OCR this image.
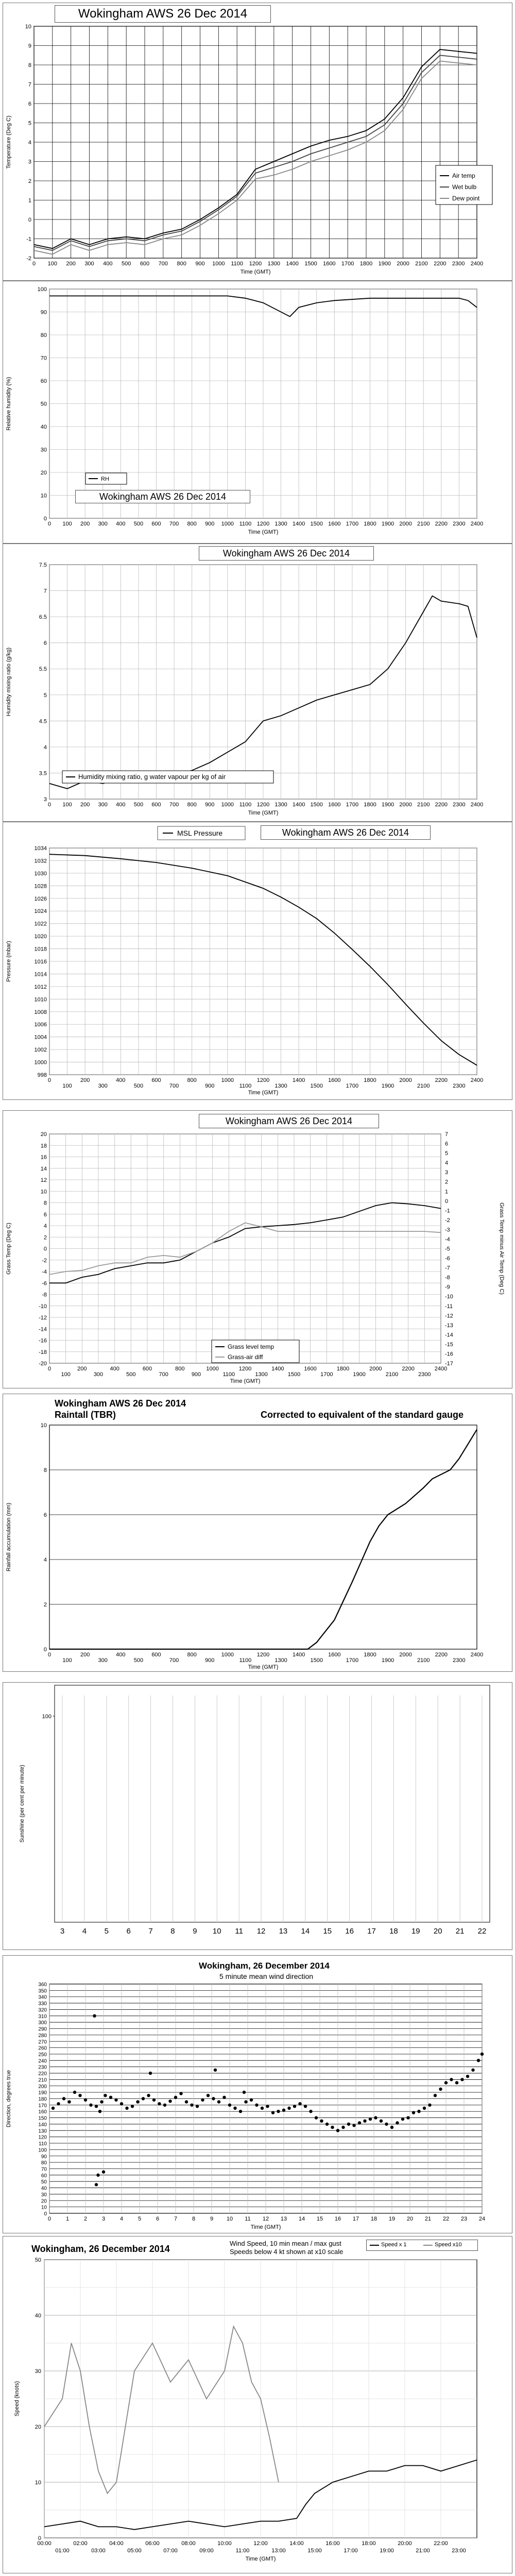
Wokingham AWS 26 Dec 2014
-2
-1
0
1
2
3
4
5
6
7
8
9
10
0 100 200 300 400 500 600 700 800 900 1000 1100 1200 1300 1400 1500 1600 1700 1800 1900 2000 2100 2200 2300 2400
Time (GMT)
Temperature (Deg C)
Air temp
Wet bulb
Dew point
0
10
20
30
40
50
60
70
80
90
100
0 100 200 300 400 500 600 700 800 900 1000 1100 1200 1300 1400 1500 1600 1700 1800 1900 2000 2100 2200 2300 2400
Time (GMT)
Relative humidity (%)
RH
Wokingham AWS 26 Dec 2014
Wokingham AWS 26 Dec 2014
3
3.5
4
4.5
5
5.5
6
6.5
7
7.5
0 100 200 300 400 500 600 700 800 900 1000 1100 1200 1300 1400 1500 1600 1700 1800 1900 2000 2100 2200 2300 2400
Time (GMT)
Humidity mixing ratio (g/kg)
Humidity mixing ratio, g water vapour per kg of air
Wokingham AWS 26 Dec 2014
998
1000
1002
1004
1006
1008
1010
1012
1014
1016
1018
1020
1022
1024
1026
1028
1030
1032
1034
0
100
200
300
400
500
600
700
800
900
1000
1100
1200
1300
1400
1500
1600
1700
1800
1900
2000
2100
2200
2300
2400
Time (GMT)
Pressure (mbar)
MSL Pressure
Wokingham AWS 26 Dec 2014
-20
-18
-16
-14
-12
-10
-8
-6
-4
-2
0
2
4
6
8
10
12
14
16
18
20
0
100
200
300
400
500
600
700
800
900
1000
1100
1200
1300
1400
1500
1600
1700
1800
1900
2000
2100
2200
2300
2400
Time (GMT)
Grass Temp (Deg C)
-17
-16
-15
-14
-13
-12
-11
-10
-9
-8
-7
-6
-5
-4
-3
-2
-1
0
1
2
3
4
5
6
7
Grass Temp minus Air Temp (Deg C)
Grass level temp
Grass-air diff
Wokingham AWS 26 Dec 2014
Raintall (TBR)	Corrected to equivalent of the standard gauge
0
2
4
6
8
10
0
100
200
300
400
500
600
700
800
900
1000
1100
1200
1300
1400
1500
1600
1700
1800
1900
2000
2100
2200
2300
2400
Time (GMT)
Rainfall accumulation (mm)
100
3 4 5 6 7 8 9 10 11 12 13 14 15 16 17 18 19 20 21 22
Sunshine (per cent per minute)
Wokingham, 26 December 2014
5 minute mean wind direction
0
10
20
30
40
50
60
70
80
90
100
110
120
130
140
150
160
170
180
190
200
210
220
230
240
250
260
270
280
290
300
310
320
330
340
350
360
0	1	2	3	4	5	6	7	8	9 10 11 12 13 14 15 16 17 18 19 20 21 22 23 24
Time (GMT)
Direction, degrees true
Wokingham, 26 December 2014
Wind Speed, 10 min mean / max gust
Speeds below 4 kt shown at x10 scale
Speed x 1	Speed x10
0
10
20
30
40
50
00:00	02:00	04:00	06:00	08:00	10:00	12:00	14:00	16:00	18:00	20:00	22:00
01:00	03:00	05:00	07:00	09:00	11:00	13:00	15:00	17:00	19:00	21:00	23:00
Time (GMT)
Speed (knots)
